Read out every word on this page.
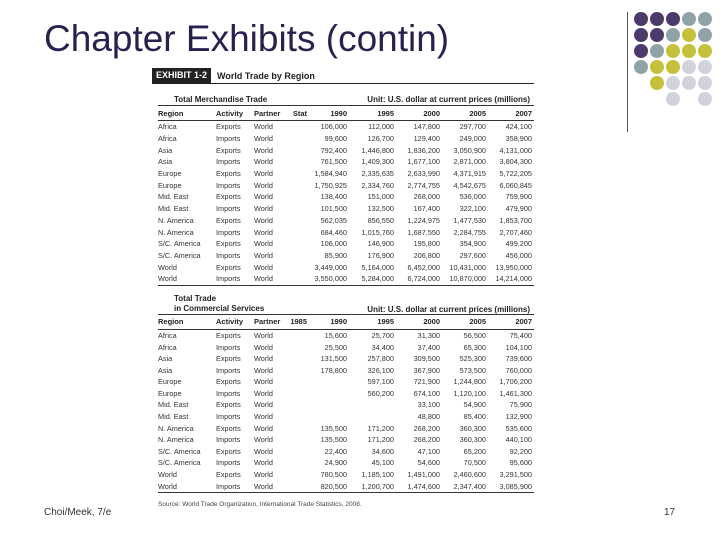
Chapter Exhibits (contin)
EXHIBIT 1-2	World Trade by Region
Total Merchandise Trade	Unit: U.S. dollar at current prices (millions)
Region	Activity	Partner	Stat	1990	1995	2000	2005	2007
Africa	Exports	World		106,000	112,000	147,800	297,700	424,100
Africa	Imports	World		99,600	126,700	129,400	249,000	358,900
Asia	Exports	World		792,400	1,446,800	1,836,200	3,050,900	4,131,000
Asia	Imports	World		761,500	1,409,300	1,677,100	2,871,000	3,804,300
Europe	Exports	World		1,584,940	2,335,635	2,633,990	4,371,915	5,722,205
Europe	Imports	World		1,750,925	2,334,760	2,774,755	4,542,675	6,060,845
Mid. East	Exports	World		138,400	151,000	268,000	536,000	759,900
Mid. East	Imports	World		101,500	132,500	167,400	322,100	479,900
N. America	Exports	World		562,035	856,550	1,224,975	1,477,530	1,853,700
N. America	Imports	World		684,460	1,015,760	1,687,550	2,284,755	2,707,460
S/C. America	Exports	World		106,000	146,900	195,800	354,900	499,200
S/C. America	Imports	World		85,900	176,900	206,800	297,600	456,000
World	Exports	World		3,449,000	5,164,000	6,452,000	10,431,000	13,950,000
World	Imports	World		3,550,000	5,284,000	6,724,000	10,870,000	14,214,000
Total Trade
in Commercial Services	Unit: U.S. dollar at current prices (millions)
Region	Activity	Partner	1985	1990	1995	2000	2005	2007
Africa	Exports	World		15,600	25,700	31,300	56,500	75,400
Africa	Imports	World		25,500	34,400	37,400	65,300	104,100
Asia	Exports	World		131,500	257,800	309,500	525,300	739,600
Asia	Imports	World		178,800	326,100	367,900	573,500	760,000
Europe	Exports	World			597,100	721,900	1,244,800	1,706,200
Europe	Imports	World			560,200	674,100	1,120,100	1,461,300
Mid. East	Exports	World				33,100	54,900	75,900
Mid. East	Imports	World				48,800	85,400	132,900
N. America	Exports	World		135,500	171,200	268,200	360,300	535,600
N. America	Imports	World		135,500	171,200	268,200	360,300	440,100
S/C. America	Exports	World		22,400	34,600	47,100	65,200	92,200
S/C. America	Imports	World		24,900	45,100	54,600	70,500	95,600
World	Exports	World		780,500	1,185,100	1,491,000	2,460,600	3,291,500
World	Imports	World		820,500	1,200,700	1,474,600	2,347,400	3,085,900
Source: World Trade Organization, International Trade Statistics, 2008.
Choi/Meek, 7/e	17
